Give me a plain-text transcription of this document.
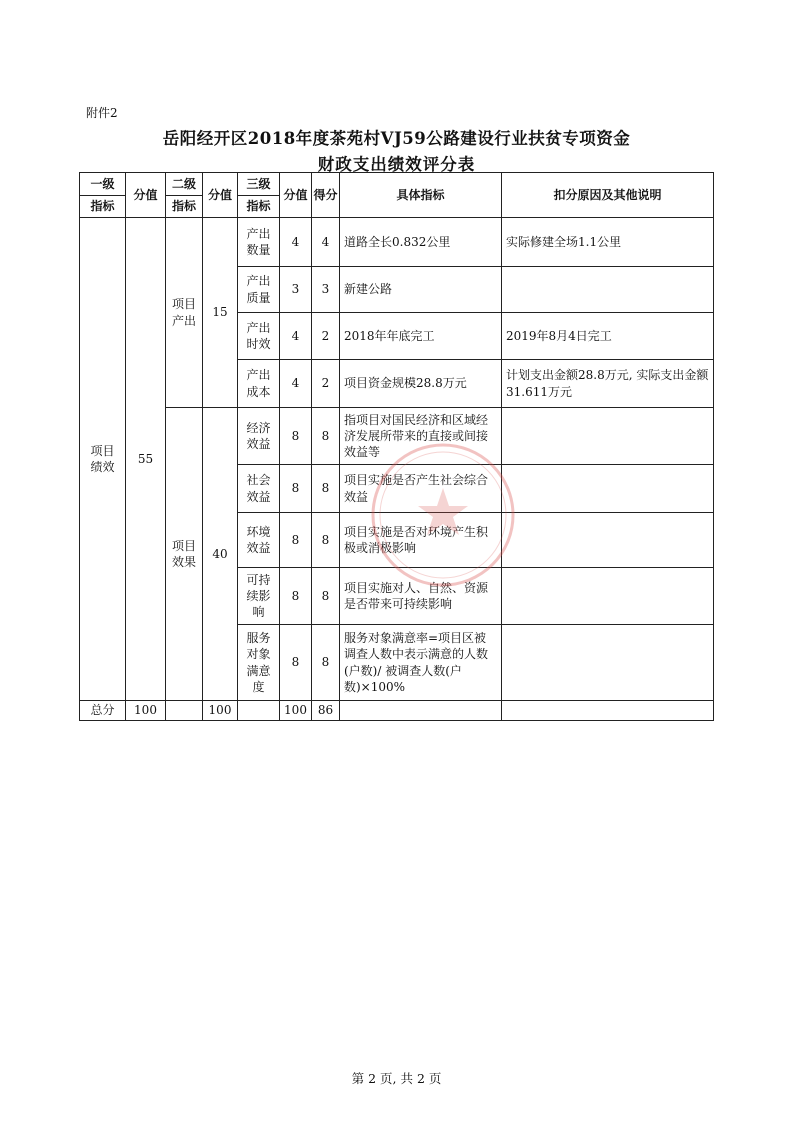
附件2
岳阳经开区2018年度茶苑村VJ59公路建设行业扶贫专项资金
财政支出绩效评分表
一级	分值	二级	分值	三级	分值	得分	具体指标	扣分原因及其他说明
指标		指标		指标				
项目绩效	55	项目产出	15	产出数量	4	4	道路全长0.832公里	实际修建全场1.1公里
				产出质量	3	3	新建公路	
				产出时效	4	2	2018年年底完工	2019年8月4日完工
				产出成本	4	2	项目资金规模28.8万元	计划支出金额28.8万元, 实际支出金额31.611万元
		项目效果	40	经济效益	8	8	指项目对国民经济和区域经济发展所带来的直接或间接效益等	
				社会效益	8	8	项目实施是否产生社会综合效益	
				环境效益	8	8	项目实施是否对环境产生积极或消极影响	
				可持续影响	8	8	项目实施对人、自然、资源是否带来可持续影响	
				服务对象满意度	8	8	服务对象满意率=项目区被调查人数中表示满意的人数(户数)/ 被调查人数(户数)×100%	
总分	100		100		100	86		
第 2 页, 共 2 页
